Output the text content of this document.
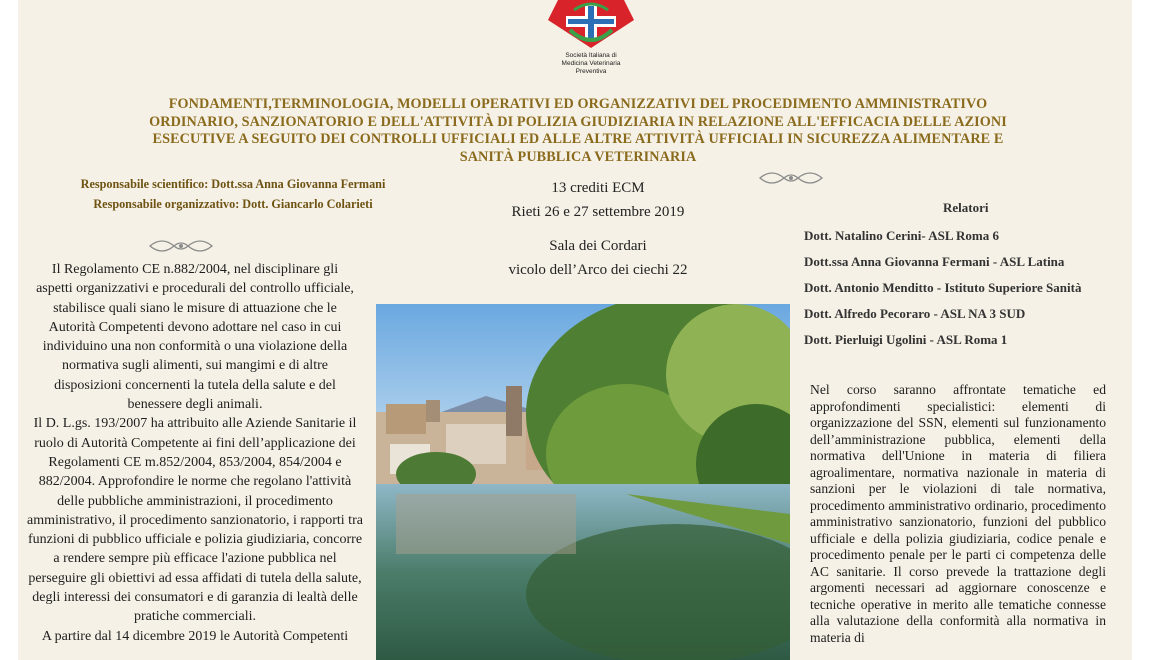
Società Italiana di
Medicina Veterinaria
Preventiva
FONDAMENTI,TERMINOLOGIA, MODELLI OPERATIVI ED ORGANIZZATIVI DEL PROCEDIMENTO AMMINISTRATIVO
ORDINARIO, SANZIONATORIO E DELL'ATTIVITÀ DI POLIZIA GIUDIZIARIA IN RELAZIONE ALL'EFFICACIA DELLE AZIONI
ESECUTIVE A SEGUITO DEI CONTROLLI UFFICIALI ED ALLE ALTRE ATTIVITÀ UFFICIALI IN SICUREZZA ALIMENTARE E
SANITÀ PUBBLICA VETERINARIA
Responsabile scientifico: Dott.ssa Anna Giovanna Fermani
Responsabile organizzativo: Dott. Giancarlo Colarieti
13 crediti ECM
Rieti 26 e 27 settembre 2019
Sala dei Cordari
vicolo dell’Arco dei ciechi 22
Relatori
Dott. Natalino Cerini- ASL Roma 6
Dott.ssa Anna Giovanna Fermani - ASL Latina
Dott. Antonio Menditto - Istituto Superiore Sanità
Dott. Alfredo Pecoraro - ASL NA 3 SUD
Dott. Pierluigi Ugolini - ASL Roma 1

Il Regolamento CE n.882/2004, nel disciplinare gli aspetti organizzativi e procedurali del controllo ufficiale, stabilisce quali siano le misure di attuazione che le Autorità Competenti devono adottare nel caso in cui individuino una non conformità o una violazione della normativa sugli alimenti, sui mangimi e di altre disposizioni concernenti la tutela della salute e del benessere degli animali.

Il D. L.gs. 193/2007 ha attribuito alle Aziende Sanitarie il ruolo di Autorità Competente ai fini dell’applicazione dei Regolamenti CE m.852/2004, 853/2004, 854/2004 e 882/2004. Approfondire le norme che regolano l'attività delle pubbliche amministrazioni, il procedimento amministrativo, il procedimento sanzionatorio, i rapporti tra funzioni di pubblico ufficiale e polizia giudiziaria, concorre a rendere sempre più efficace l'azione pubblica nel perseguire gli obiettivi ad essa affidati di tutela della salute, degli interessi dei consumatori e di garanzia di lealtà delle pratiche commerciali.

A partire dal 14 dicembre 2019 le Autorità Competenti

Nel corso saranno affrontate tematiche ed approfondimenti specialistici: elementi di organizzazione del SSN, elementi sul funzionamento dell’amministrazione pubblica, elementi della normativa dell'Unione in materia di filiera agroalimentare, normativa nazionale in materia di sanzioni per le violazioni di tale normativa, procedimento amministrativo ordinario, procedimento amministrativo sanzionatorio, funzioni del pubblico ufficiale e della polizia giudiziaria, codice penale e procedimento penale per le parti ci competenza delle AC sanitarie. Il corso prevede la trattazione degli argomenti necessari ad aggiornare conoscenze e tecniche operative in merito alle tematiche connesse alla valutazione della conformità alla normativa in materia di
